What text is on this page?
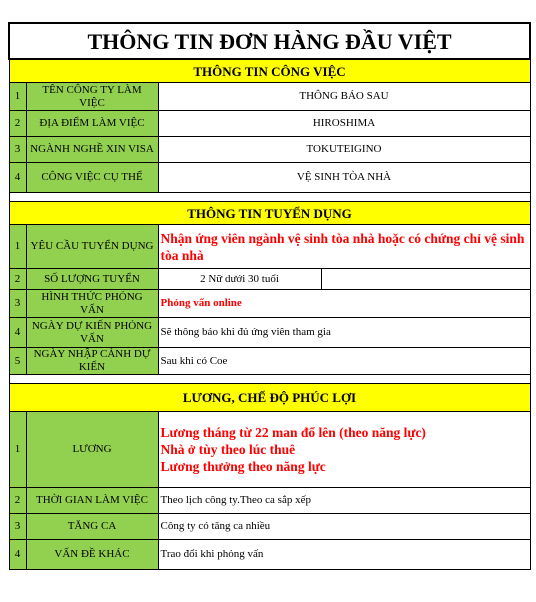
THÔNG TIN ĐƠN HÀNG ĐẦU VIỆT			
THÔNG TIN CÔNG VIỆC			
1	TÊN CÔNG TY LÀM VIỆC	THÔNG BÁO SAU	
2	ĐỊA ĐIỂM LÀM VIỆC	HIROSHIMA	
3	NGÀNH NGHỀ XIN VISA	TOKUTEIGINO	
4	CÔNG VIỆC CỤ THỂ	VỆ SINH TÒA NHÀ	

THÔNG TIN TUYỂN DỤNG			
1	YÊU CẦU TUYỂN DỤNG	Nhận ứng viên ngành vệ sinh tòa nhà hoặc có chứng chỉ vệ sinh tòa nhà	
2	SỐ LƯỢNG TUYỂN	2 Nữ dưới 30 tuổi	
3	HÌNH THỨC PHỎNG VẤN	Phỏng vấn online	
4	NGÀY DỰ KIẾN PHỎNG VẤN	Sẽ thông báo khi đủ ứng viên tham gia	
5	NGÀY NHẬP CẢNH DỰ KIẾN	Sau khi có Coe	

LƯƠNG, CHẾ ĐỘ PHÚC LỢI			
1	LƯƠNG	Lương tháng từ 22 man đổ lên (theo năng lực)
Nhà ở tùy theo lúc thuê
Lương thưởng theo năng lực	

2	THỜI GIAN LÀM VIỆC	Theo lịch công ty.Theo ca sắp xếp	
3	TĂNG CA	Công ty có tăng ca nhiều	
4	VẤN ĐỀ KHÁC	Trao đổi khi phỏng vấn	
